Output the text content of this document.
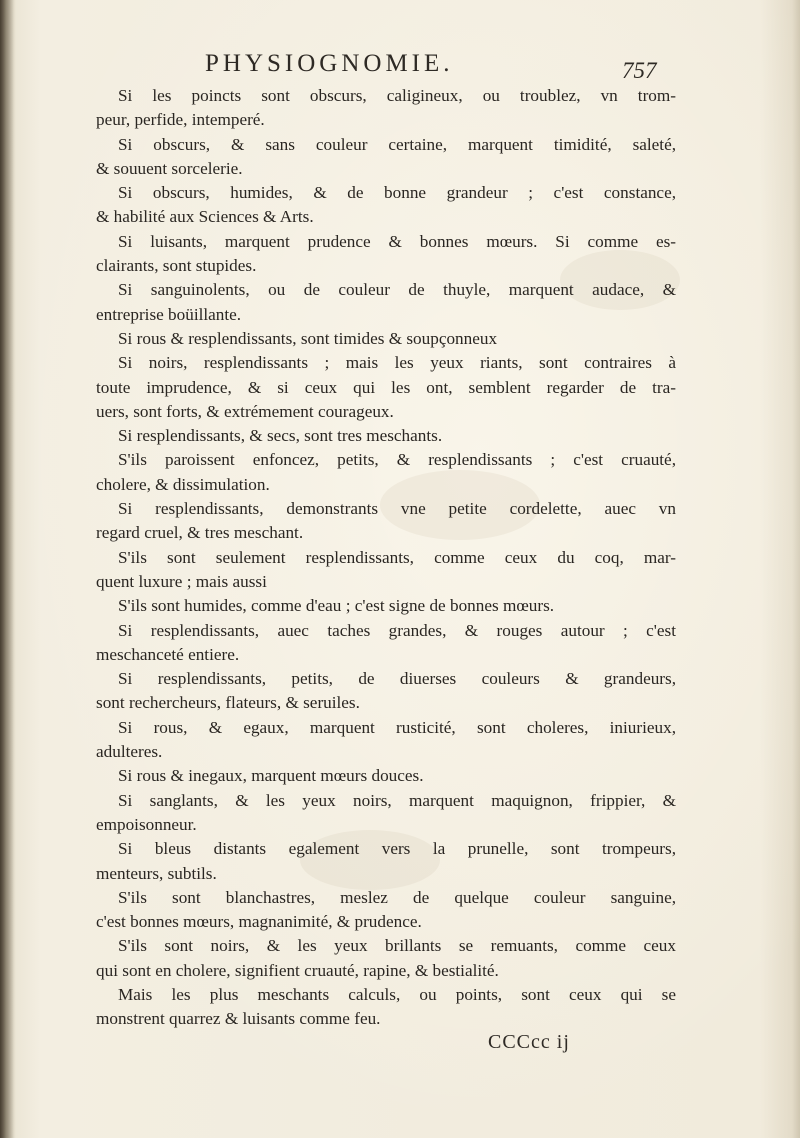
PHYSIOGNOMIE.	757
Si les poincts sont obscurs, caligineux, ou troublez, vn trom-
peur, perfide, intemperé.
Si obscurs, & sans couleur certaine, marquent timidité, saleté,
& souuent sorcelerie.
Si obscurs, humides, & de bonne grandeur ; c'est constance,
& habilité aux Sciences & Arts.
Si luisants, marquent prudence & bonnes mœurs. Si comme es-
clairants, sont stupides.
Si sanguinolents, ou de couleur de thuyle, marquent audace, &
entreprise boüillante.
Si rous & resplendissants, sont timides & soupçonneux
Si noirs, resplendissants ; mais les yeux riants, sont contraires à
toute imprudence, & si ceux qui les ont, semblent regarder de tra-
uers, sont forts, & extrémement courageux.
Si resplendissants, & secs, sont tres meschants.
S'ils paroissent enfoncez, petits, & resplendissants ; c'est cruauté,
cholere, & dissimulation.
Si resplendissants, demonstrants vne petite cordelette, auec vn
regard cruel, & tres meschant.
S'ils sont seulement resplendissants, comme ceux du coq, mar-
quent luxure ; mais aussi
S'ils sont humides, comme d'eau ; c'est signe de bonnes mœurs.
Si resplendissants, auec taches grandes, & rouges autour ; c'est
meschanceté entiere.
Si resplendissants, petits, de diuerses couleurs & grandeurs,
sont rechercheurs, flateurs, & seruiles.
Si rous, & egaux, marquent rusticité, sont choleres, iniurieux,
adulteres.
Si rous & inegaux, marquent mœurs douces.
Si sanglants, & les yeux noirs, marquent maquignon, frippier, &
empoisonneur.
Si bleus distants egalement vers la prunelle, sont trompeurs,
menteurs, subtils.
S'ils sont blanchastres, meslez de quelque couleur sanguine,
c'est bonnes mœurs, magnanimité, & prudence.
S'ils sont noirs, & les yeux brillants se remuants, comme ceux
qui sont en cholere, signifient cruauté, rapine, & bestialité.
Mais les plus meschants calculs, ou points, sont ceux qui se
monstrent quarrez & luisants comme feu.
CCCcc ij
